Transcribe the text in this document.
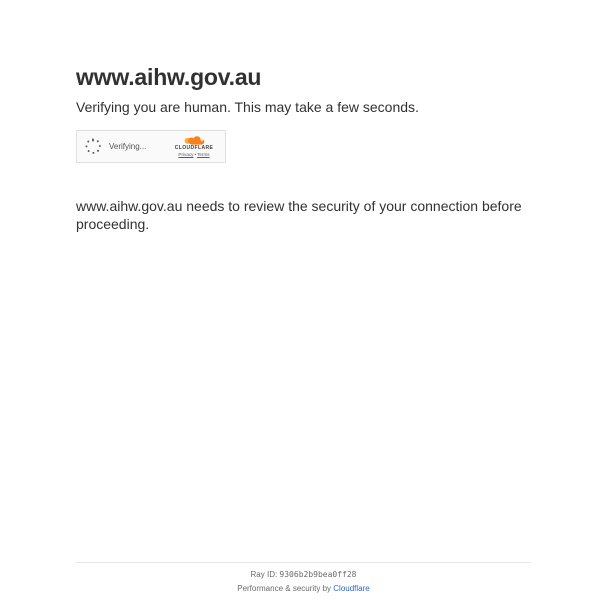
www.aihw.gov.au
Verifying you are human. This may take a few seconds.
Verifying...	CLOUDFLARE
Privacy•Terms

www.aihw.gov.au needs to review the security of your connection before proceeding.

Ray ID: 9306b2b9bea0ff28
Performance & security by Cloudflare
